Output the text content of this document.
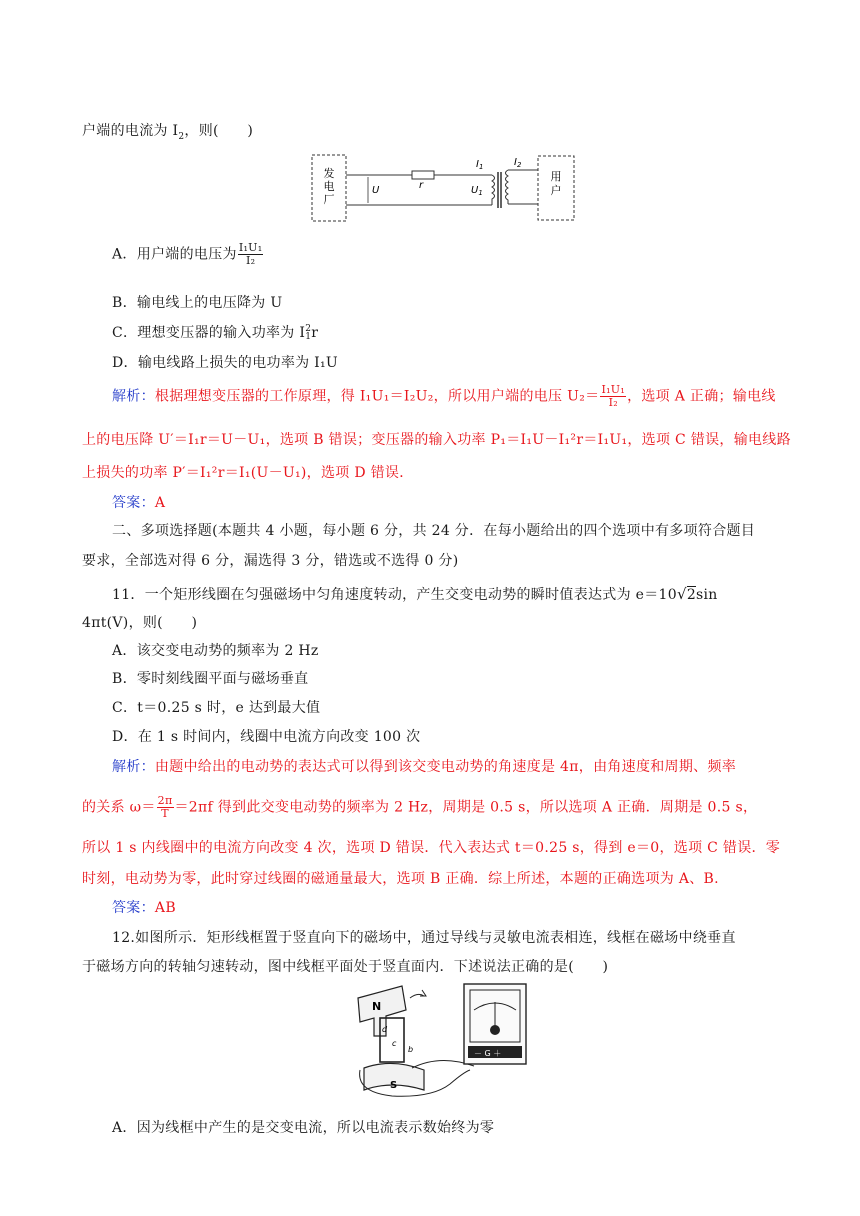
户端的电流为 $I_2$，则(　　)
发
电
厂
U	r
$I_1$
$U_1$
$I_2$
用
户
A．用户端的电压为 $\frac{\text{I₁U₁}}{\text{I₂}}$
B．输电线上的电压降为 U
C．理想变压器的输入功率为 I 2
1 r
D．输电线路上损失的电功率为 I₁U
解析：根据理想变压器的工作原理，得 I₁U₁＝I₂U₂，所以用户端的电压 $U_2= \frac{\text{I₁U₁}}{\text{I₂}}$ ，选项 A 正确；输电线
上的电压降 U′＝I₁r＝U－U₁，选项 B 错误；变压器的输入功率 P₁＝I₁U－I₁²r＝I₁U₁，选项 C 错误，输电线路
上损失的功率 P′＝I₁²r＝I₁(U－U₁)，选项 D 错误．
答案：A
二、多项选择题(本题共 4 小题，每小题 6 分，共 24 分．在每小题给出的四个选项中有多项符合题目
要求，全部选对得 6 分，漏选得 3 分，错选或不选得 0 分)
11．一个矩形线圈在匀强磁场中匀角速度转动，产生交变电动势的瞬时值表达式为 e＝10√2sin
4πt(V)，则(　　)
A．该交变电动势的频率为 2 Hz
B．零时刻线圈平面与磁场垂直
C．t＝0.25 s 时，e 达到最大值
D．在 1 s 时间内，线圈中电流方向改变 100 次
解析：由题中给出的电动势的表达式可以得到该交变电动势的角速度是 4π，由角速度和周期、频率
的关系 $\omega= \frac{2\pi}{T} =2\pi f$ 得到此交变电动势的频率为 2 Hz，周期是 0.5 s，所以选项 A 正确．周期是 0.5 s，
所以 1 s 内线圈中的电流方向改变 4 次，选项 D 错误．代入表达式 t＝0.25 s，得到 e＝0，选项 C 错误．零
时刻，电动势为零，此时穿过线圈的磁通量最大，选项 B 正确．综上所述，本题的正确选项为 A、B.
答案：AB
12.如图所示．矩形线框置于竖直向下的磁场中，通过导线与灵敏电流表相连，线框在磁场中绕垂直
于磁场方向的转轴匀速转动，图中线框平面处于竖直面内．下述说法正确的是(　　)
N
d
c
b
S
－ G ＋
A．因为线框中产生的是交变电流，所以电流表示数始终为零
